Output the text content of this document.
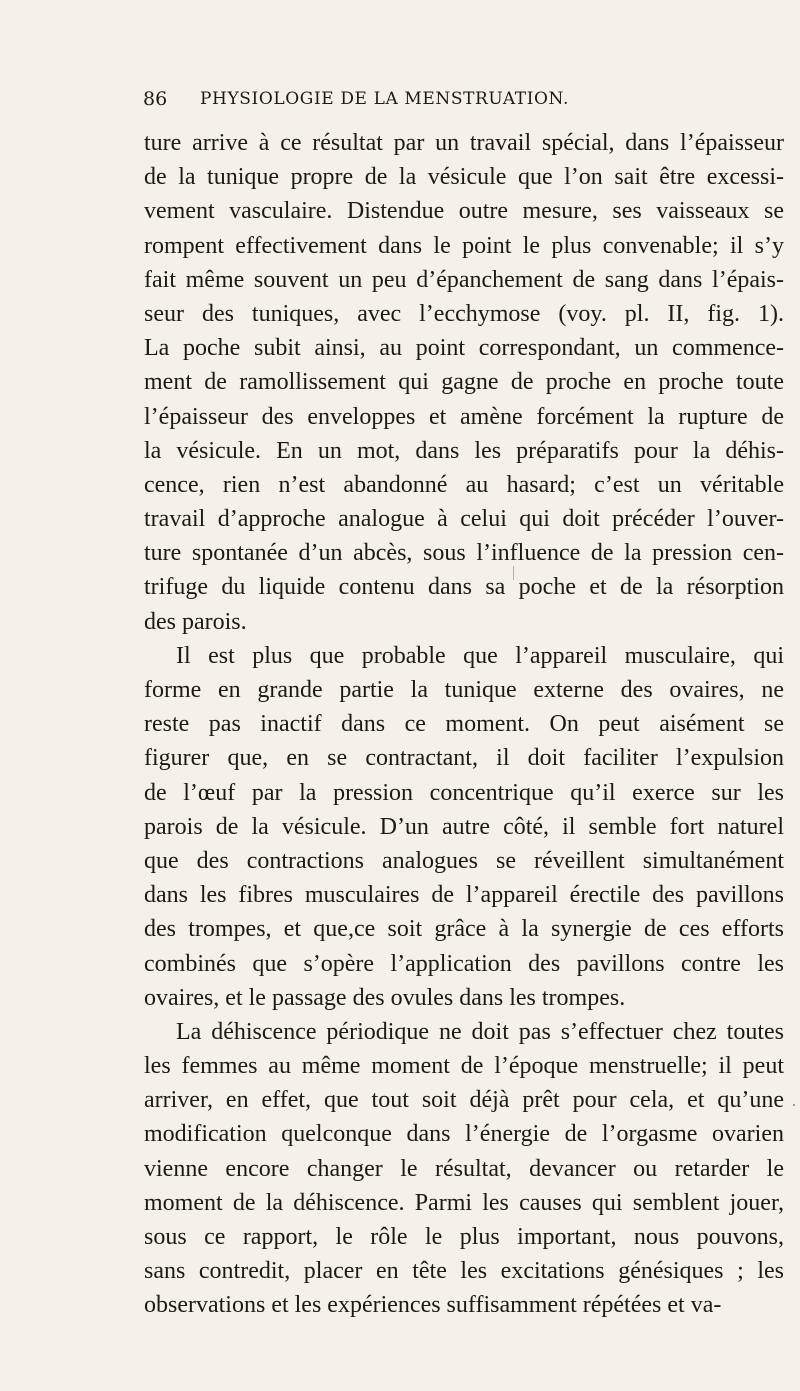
86 PHYSIOLOGIE DE LA MENSTRUATION.
ture arrive à ce résultat par un travail spécial, dans l’épaisseur
de la tunique propre de la vésicule que l’on sait être excessi-
vement vasculaire. Distendue outre mesure, ses vaisseaux se
rompent effectivement dans le point le plus convenable; il s’y
fait même souvent un peu d’épanchement de sang dans l’épais-
seur des tuniques, avec l’ecchymose (voy. pl. II, fig. 1).
La poche subit ainsi, au point correspondant, un commence-
ment de ramollissement qui gagne de proche en proche toute
l’épaisseur des enveloppes et amène forcément la rupture de
la vésicule. En un mot, dans les préparatifs pour la déhis-
cence, rien n’est abandonné au hasard; c’est un véritable
travail d’approche analogue à celui qui doit précéder l’ouver-
ture spontanée d’un abcès, sous l’influence de la pression cen-
trifuge du liquide contenu dans sa poche et de la résorption
des parois.
Il est plus que probable que l’appareil musculaire, qui
forme en grande partie la tunique externe des ovaires, ne
reste pas inactif dans ce moment. On peut aisément se
figurer que, en se contractant, il doit faciliter l’expulsion
de l’œuf par la pression concentrique qu’il exerce sur les
parois de la vésicule. D’un autre côté, il semble fort naturel
que des contractions analogues se réveillent simultanément
dans les fibres musculaires de l’appareil érectile des pavillons
des trompes, et que,ce soit grâce à la synergie de ces efforts
combinés que s’opère l’application des pavillons contre les
ovaires, et le passage des ovules dans les trompes.
La déhiscence périodique ne doit pas s’effectuer chez toutes
les femmes au même moment de l’époque menstruelle; il peut
arriver, en effet, que tout soit déjà prêt pour cela, et qu’une
modification quelconque dans l’énergie de l’orgasme ovarien
vienne encore changer le résultat, devancer ou retarder le
moment de la déhiscence. Parmi les causes qui semblent jouer,
sous ce rapport, le rôle le plus important, nous pouvons,
sans contredit, placer en tête les excitations génésiques ; les
observations et les expériences suffisamment répétées et va-
